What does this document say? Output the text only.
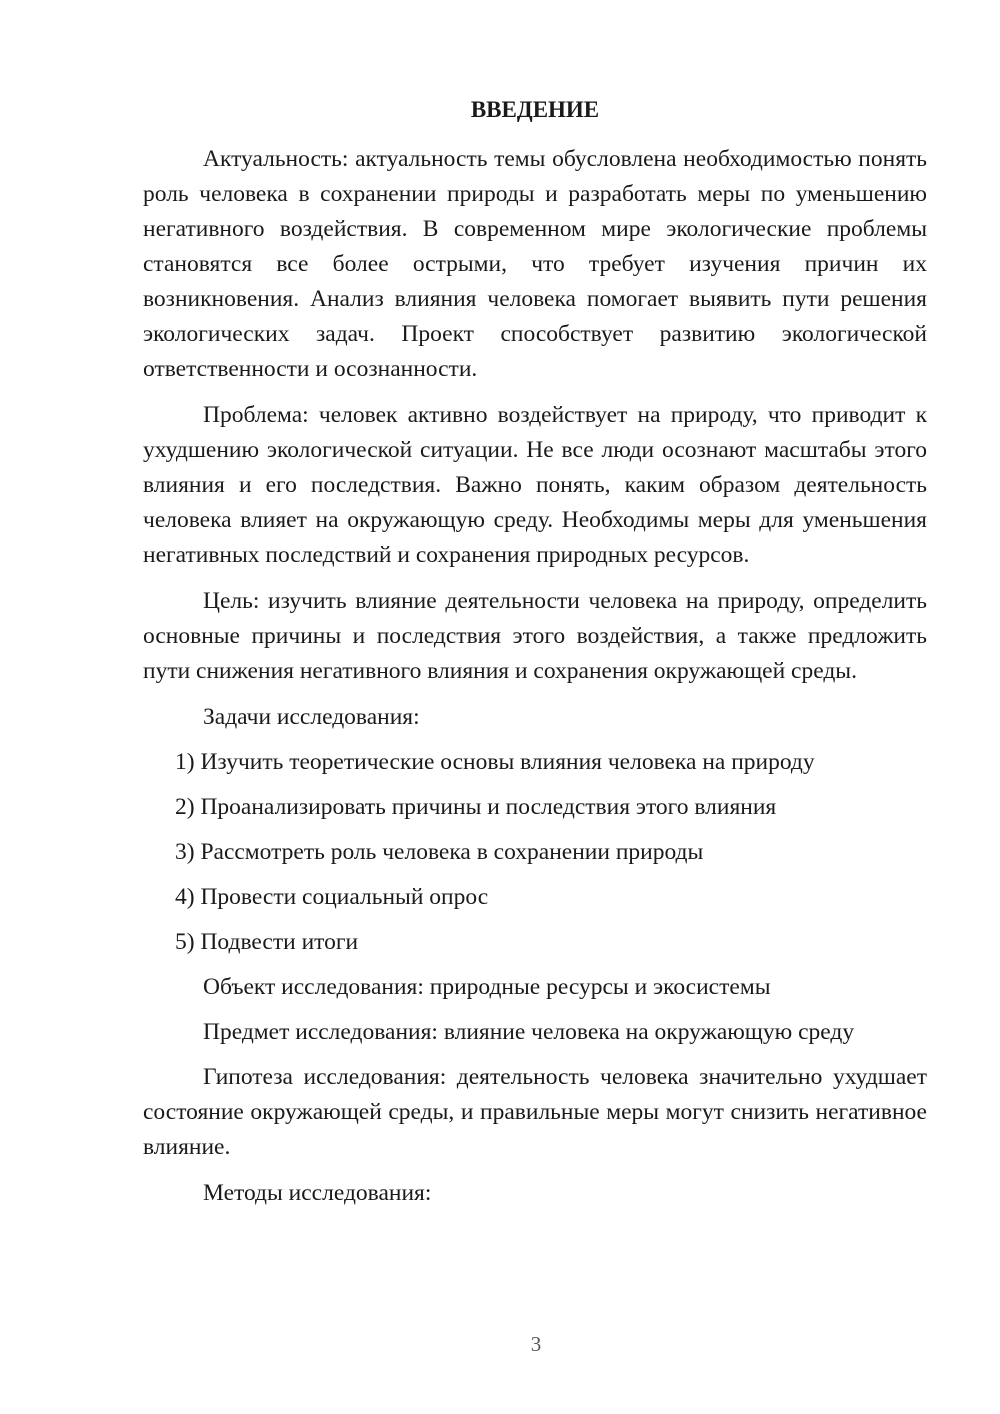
ВВЕДЕНИЕ

Актуальность: актуальность темы обусловлена необходимостью понять роль человека в сохранении природы и разработать меры по уменьшению негативного воздействия. В современном мире экологические проблемы становятся все более острыми, что требует изучения причин их возникновения. Анализ влияния человека помогает выявить пути решения экологических задач. Проект способствует развитию экологической ответственности и осознанности.

Проблема: человек активно воздействует на природу, что приводит к ухудшению экологической ситуации. Не все люди осознают масштабы этого влияния и его последствия. Важно понять, каким образом деятельность человека влияет на окружающую среду. Необходимы меры для уменьшения негативных последствий и сохранения природных ресурсов.

Цель: изучить влияние деятельности человека на природу, определить основные причины и последствия этого воздействия, а также предложить пути снижения негативного влияния и сохранения окружающей среды.

Задачи исследования:

1) Изучить теоретические основы влияния человека на природу
2) Проанализировать причины и последствия этого влияния
3) Рассмотреть роль человека в сохранении природы
4) Провести социальный опрос
5) Подвести итоги

Объект исследования: природные ресурсы и экосистемы

Предмет исследования: влияние человека на окружающую среду

Гипотеза исследования: деятельность человека значительно ухудшает состояние окружающей среды, и правильные меры могут снизить негативное влияние.

Методы исследования:

3
